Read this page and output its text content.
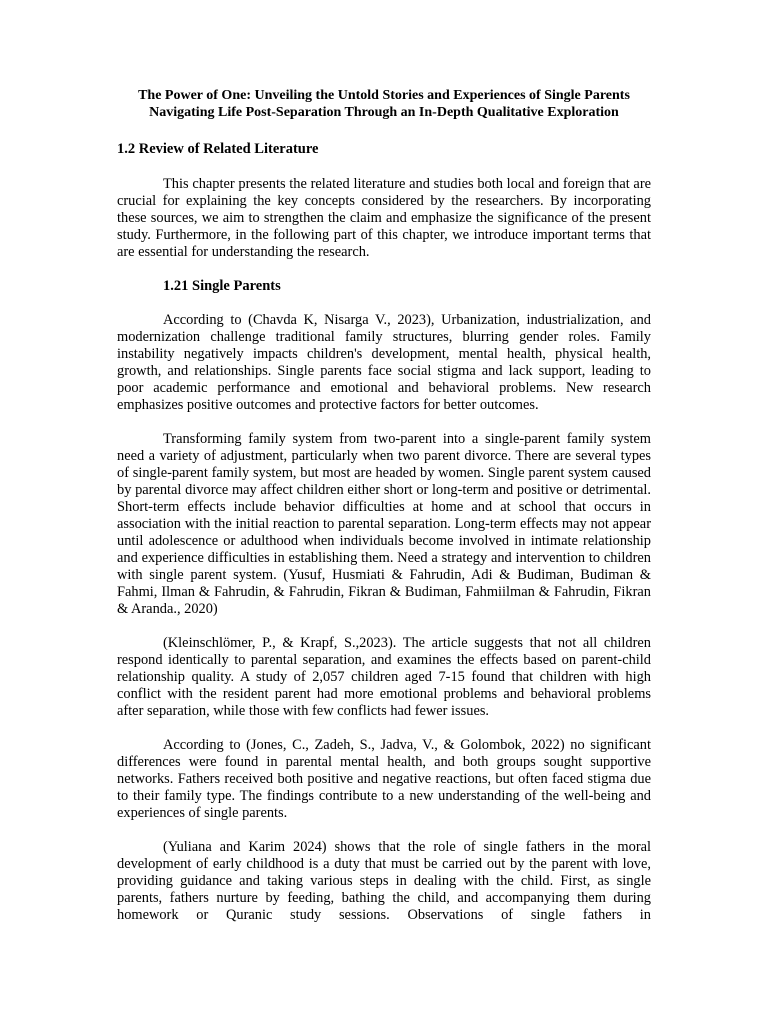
The Power of One: Unveiling the Untold Stories and Experiences of Single Parents Navigating Life Post-Separation Through an In-Depth Qualitative Exploration
1.2 Review of Related Literature

This chapter presents the related literature and studies both local and foreign that are crucial for explaining the key concepts considered by the researchers. By incorporating these sources, we aim to strengthen the claim and emphasize the significance of the present study. Furthermore, in the following part of this chapter, we introduce important terms that are essential for understanding the research.

1.21 Single Parents

According to (Chavda K, Nisarga V., 2023), Urbanization, industrialization, and modernization challenge traditional family structures, blurring gender roles. Family instability negatively impacts children's development, mental health, physical health, growth, and relationships. Single parents face social stigma and lack support, leading to poor academic performance and emotional and behavioral problems. New research emphasizes positive outcomes and protective factors for better outcomes.

Transforming family system from two-parent into a single-parent family system need a variety of adjustment, particularly when two parent divorce. There are several types of single-parent family system, but most are headed by women. Single parent system caused by parental divorce may affect children either short or long-term and positive or detrimental. Short-term effects include behavior difficulties at home and at school that occurs in association with the initial reaction to parental separation. Long-term effects may not appear until adolescence or adulthood when individuals become involved in intimate relationship and experience difficulties in establishing them. Need a strategy and intervention to children with single parent system. (Yusuf, Husmiati & Fahrudin, Adi & Budiman, Budiman & Fahmi, Ilman & Fahrudin, & Fahrudin, Fikran & Budiman, Fahmiilman & Fahrudin, Fikran & Aranda., 2020)

(Kleinschlömer, P., & Krapf, S.,2023). The article suggests that not all children respond identically to parental separation, and examines the effects based on parent-child relationship quality. A study of 2,057 children aged 7-15 found that children with high conflict with the resident parent had more emotional problems and behavioral problems after separation, while those with few conflicts had fewer issues.

According to (Jones, C., Zadeh, S., Jadva, V., & Golombok, 2022) no significant differences were found in parental mental health, and both groups sought supportive networks. Fathers received both positive and negative reactions, but often faced stigma due to their family type. The findings contribute to a new understanding of the well-being and experiences of single parents.

(Yuliana and Karim 2024) shows that the role of single fathers in the moral development of early childhood is a duty that must be carried out by the parent with love, providing guidance and taking various steps in dealing with the child. First, as single parents, fathers nurture by feeding, bathing the child, and accompanying them during homework or Quranic study sessions. Observations of single fathers in
